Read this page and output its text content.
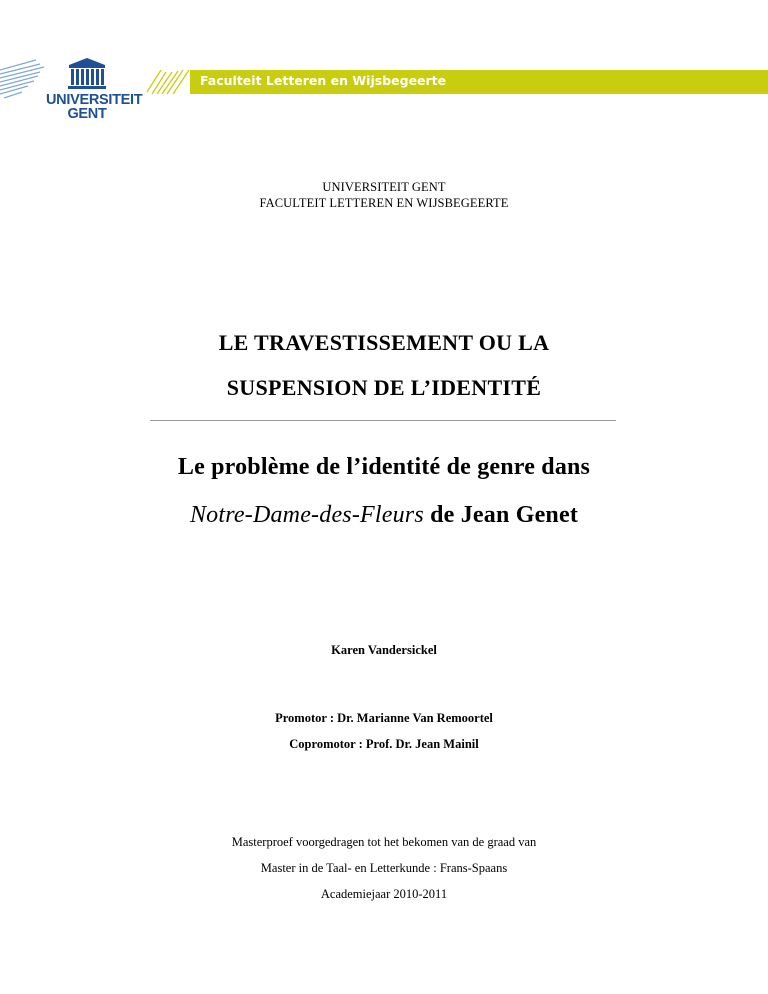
UNIVERSITEIT
GENT
Faculteit Letteren en Wijsbegeerte
UNIVERSITEIT GENT
FACULTEIT LETTEREN EN WIJSBEGEERTE
LE TRAVESTISSEMENT OU LA
SUSPENSION DE L’IDENTITÉ
Le problème de l’identité de genre dans
Notre-Dame-des-Fleurs de Jean Genet
Karen Vandersickel
Promotor : Dr. Marianne Van Remoortel
Copromotor : Prof. Dr. Jean Mainil
Masterproef voorgedragen tot het bekomen van de graad van
Master in de Taal- en Letterkunde : Frans-Spaans
Academiejaar 2010-2011
